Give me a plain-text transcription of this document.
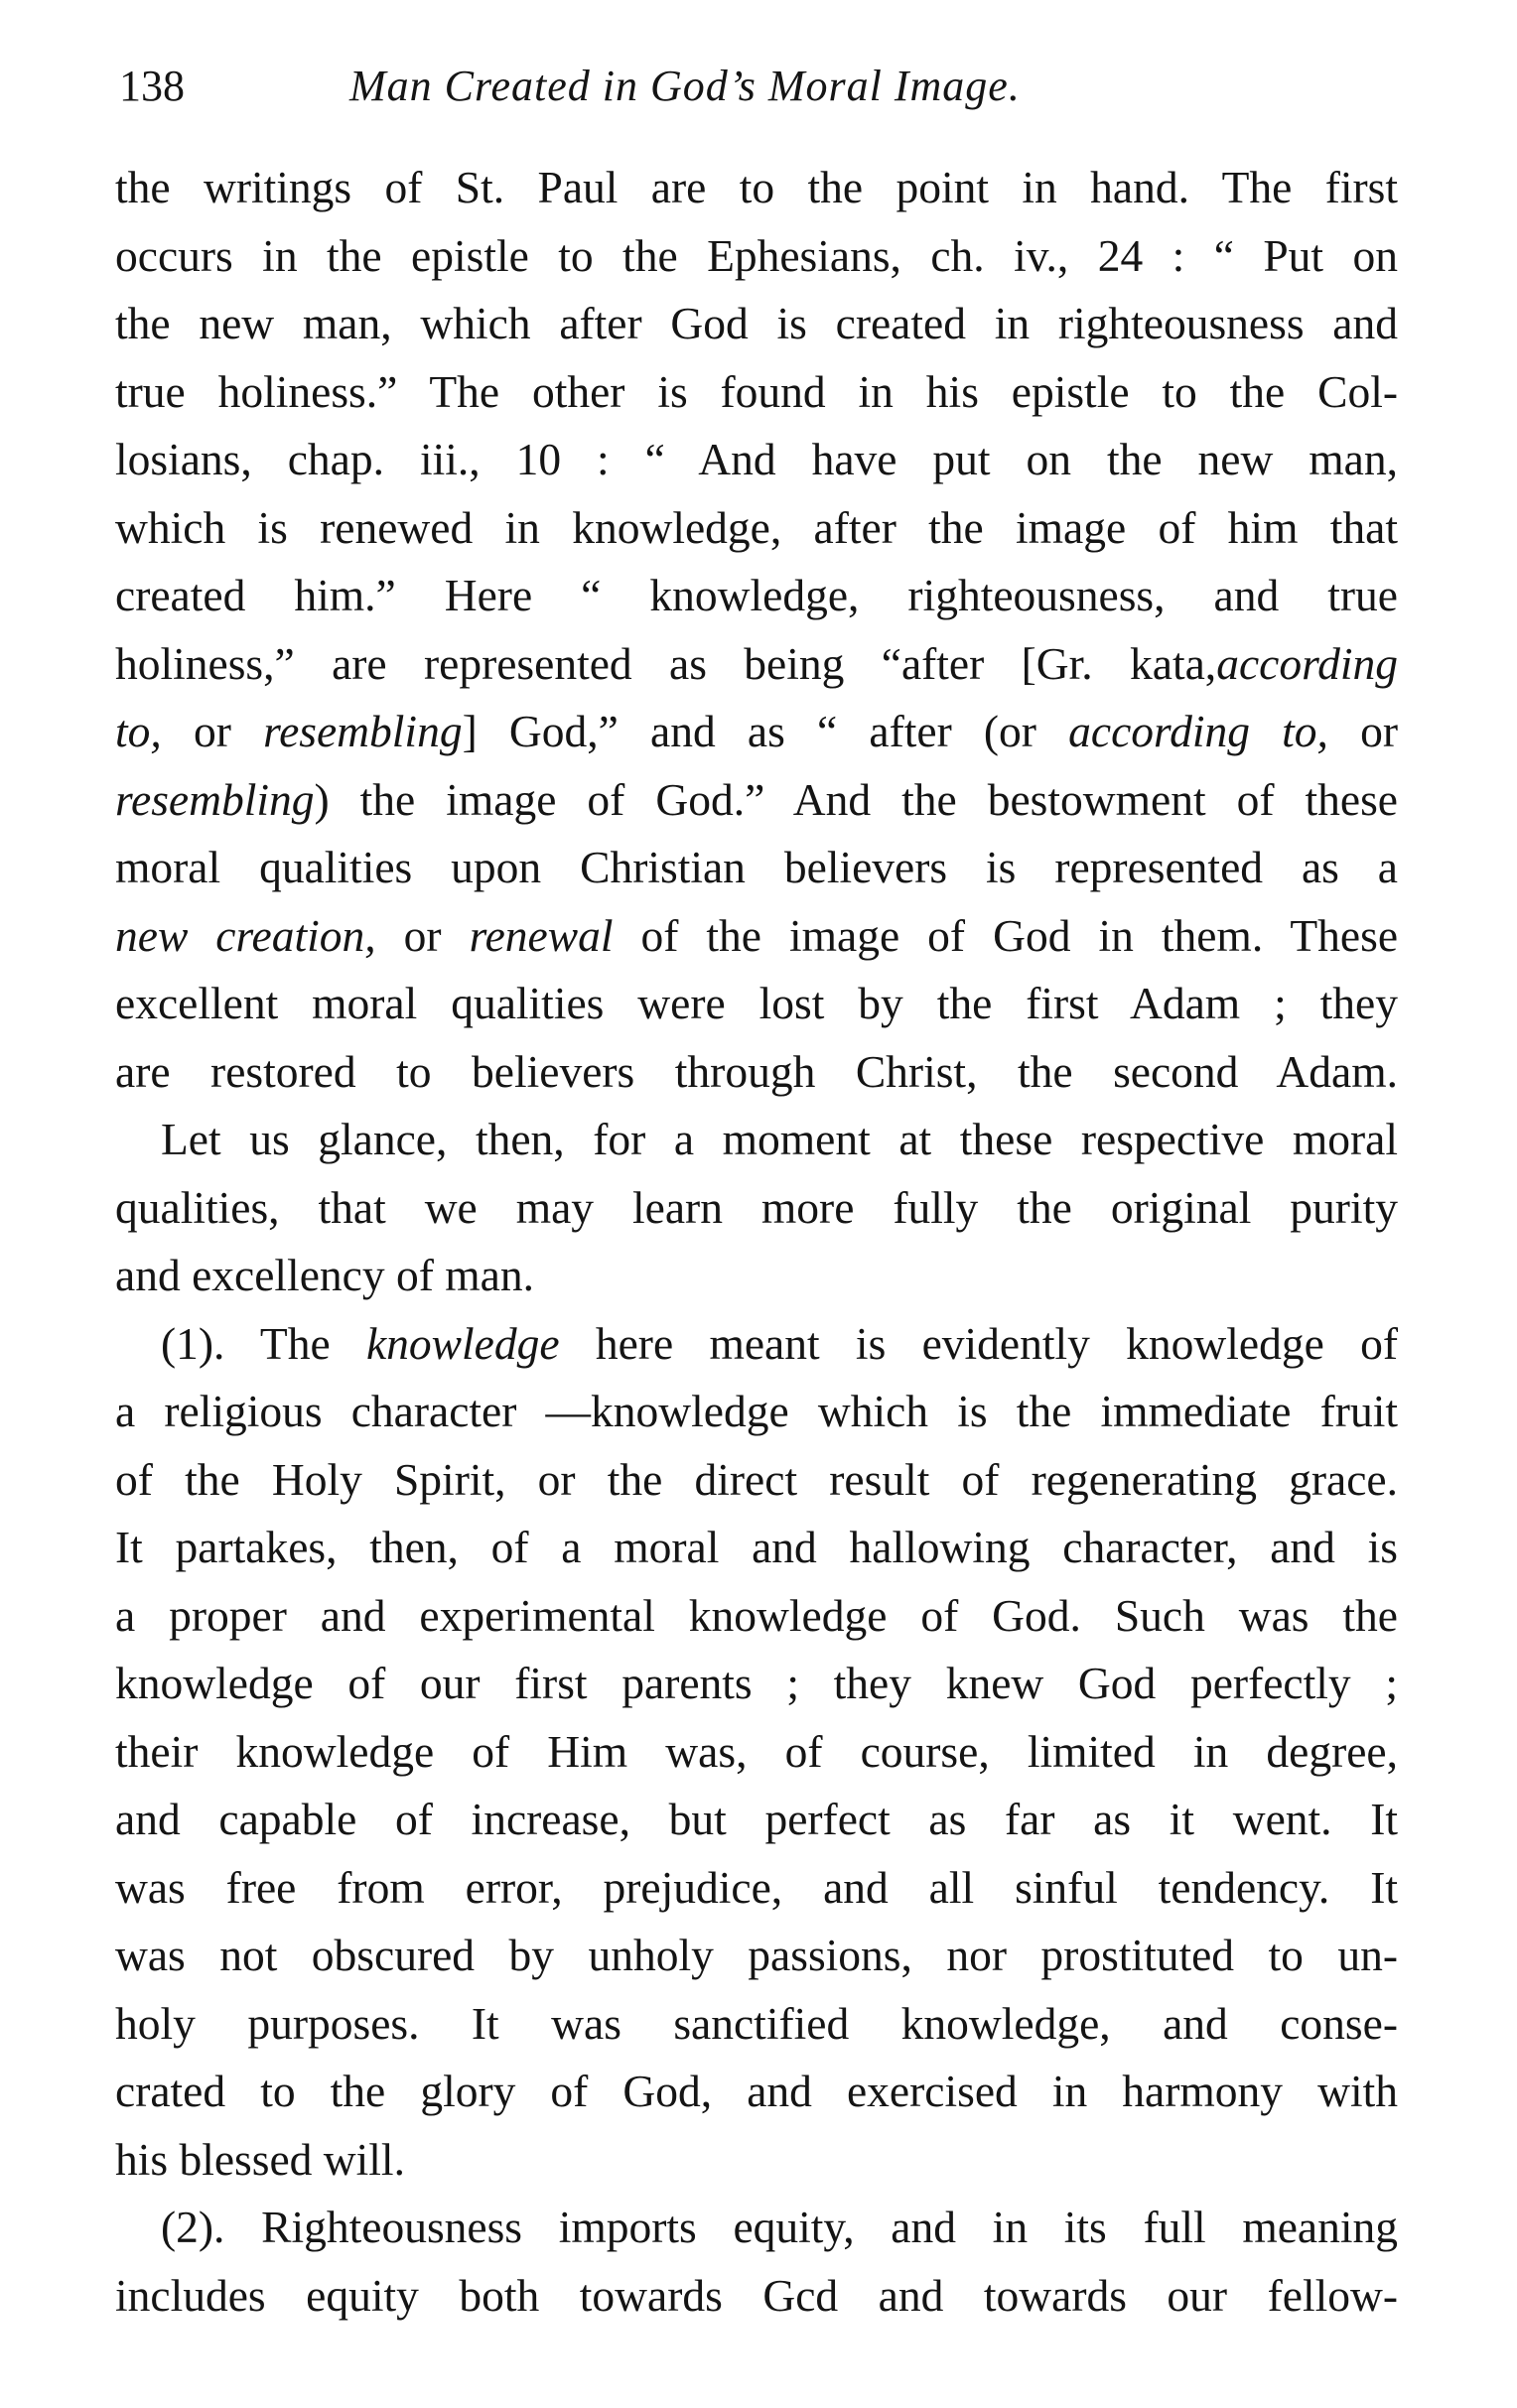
138	Man Created in God’s Moral Image.
the writings of St. Paul are to the point in hand. The first
occurs in the epistle to the Ephesians, ch. iv., 24 : “ Put on
the new man, which after God is created in righteousness and
true holiness.” The other is found in his epistle to the Col-
losians, chap. iii., 10 : “ And have put on the new man,
which is renewed in knowledge, after the image of him that
created him.” Here “ knowledge, righteousness, and true
holiness,” are represented as being “after [Gr. kata,according
to, or resembling] God,” and as “ after (or according to, or
resembling) the image of God.” And the bestowment of these
moral qualities upon Christian believers is represented as a
new creation, or renewal of the image of God in them. These
excellent moral qualities were lost by the first Adam ; they
are restored to believers through Christ, the second Adam.
Let us glance, then, for a moment at these respective moral
qualities, that we may learn more fully the original purity
and excellency of man.
(1). The knowledge here meant is evidently knowledge of
a religious character —knowledge which is the immediate fruit
of the Holy Spirit, or the direct result of regenerating grace.
It partakes, then, of a moral and hallowing character, and is
a proper and experimental knowledge of God. Such was the
knowledge of our first parents ; they knew God perfectly ;
their knowledge of Him was, of course, limited in degree,
and capable of increase, but perfect as far as it went. It
was free from error, prejudice, and all sinful tendency. It
was not obscured by unholy passions, nor prostituted to un-
holy purposes. It was sanctified knowledge, and conse-
crated to the glory of God, and exercised in harmony with
his blessed will.
(2). Righteousness imports equity, and in its full meaning
includes equity both towards Gcd and towards our fellow-
